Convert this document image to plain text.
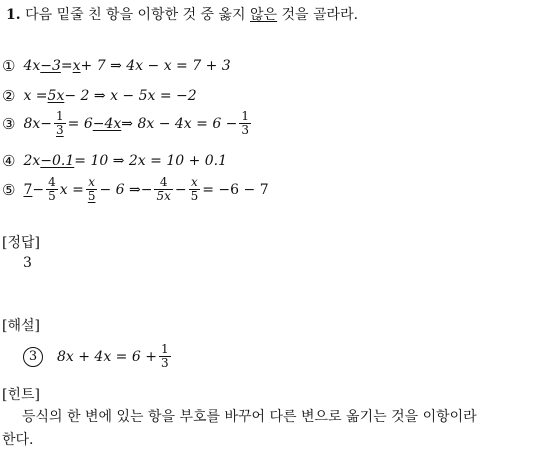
1. 다음 밑줄 친 항을 이항한 것 중 옳지 않은 것을 골라라.
① 4x −3 = x + 7 ⇒ 4x − x = 7 + 3
② x = 5x − 2 ⇒ x − 5x = −2
③ $8x- \frac{1}{3} = 6 -4x$ ⇒ $8x - 4x = 6 - \frac{1}{3}$
④ 2x −0.1 = 10 ⇒ 2x = 10 + 0.1
⑤ $7 - \frac{4}{5}$ $x = \frac{x}{5} - 6$ ⇒− $\frac{4}{5x} - \frac{x}{5} = -6 - 7$
[정답]
3
[해설]
3	$8x + 4x = 6 + \frac{1}{3}$
[힌트]
등식의 한 변에 있는 항을 부호를 바꾸어 다른 변으로 옮기는 것을 이항이라
한다.
